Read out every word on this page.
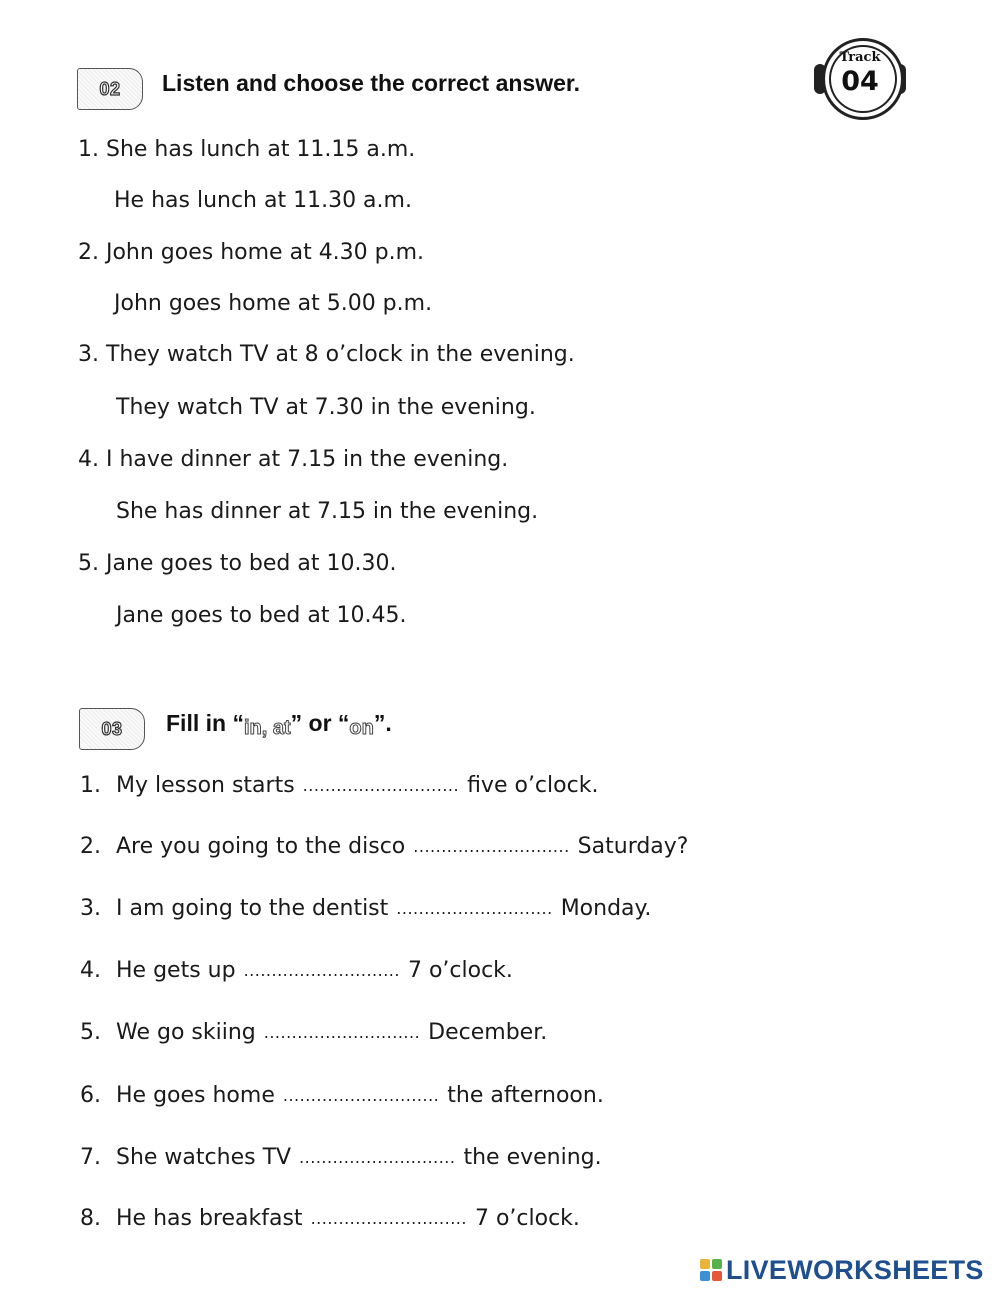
02 Listen and choose the correct answer.
Track
04
1. She has lunch at 11.15 a.m.
He has lunch at 11.30 a.m.
2. John goes home at 4.30 p.m.
John goes home at 5.00 p.m.
3. They watch TV at 8 o’clock in the evening.
They watch TV at 7.30 in the evening.
4. I have dinner at 7.15 in the evening.
She has dinner at 7.15 in the evening.
5. Jane goes to bed at 10.30.
Jane goes to bed at 10.45.
03 Fill in “in, at” or “on”.
1. My lesson starts ............................ five o’clock.
2. Are you going to the disco ............................ Saturday?
3. I am going to the dentist ............................ Monday.
4. He gets up ............................ 7 o’clock.
5. We go skiing ............................ December.
6. He goes home ............................ the afternoon.
7. She watches TV ............................ the evening.
8. He has breakfast ............................ 7 o’clock.
LIVEWORKSHEETS
